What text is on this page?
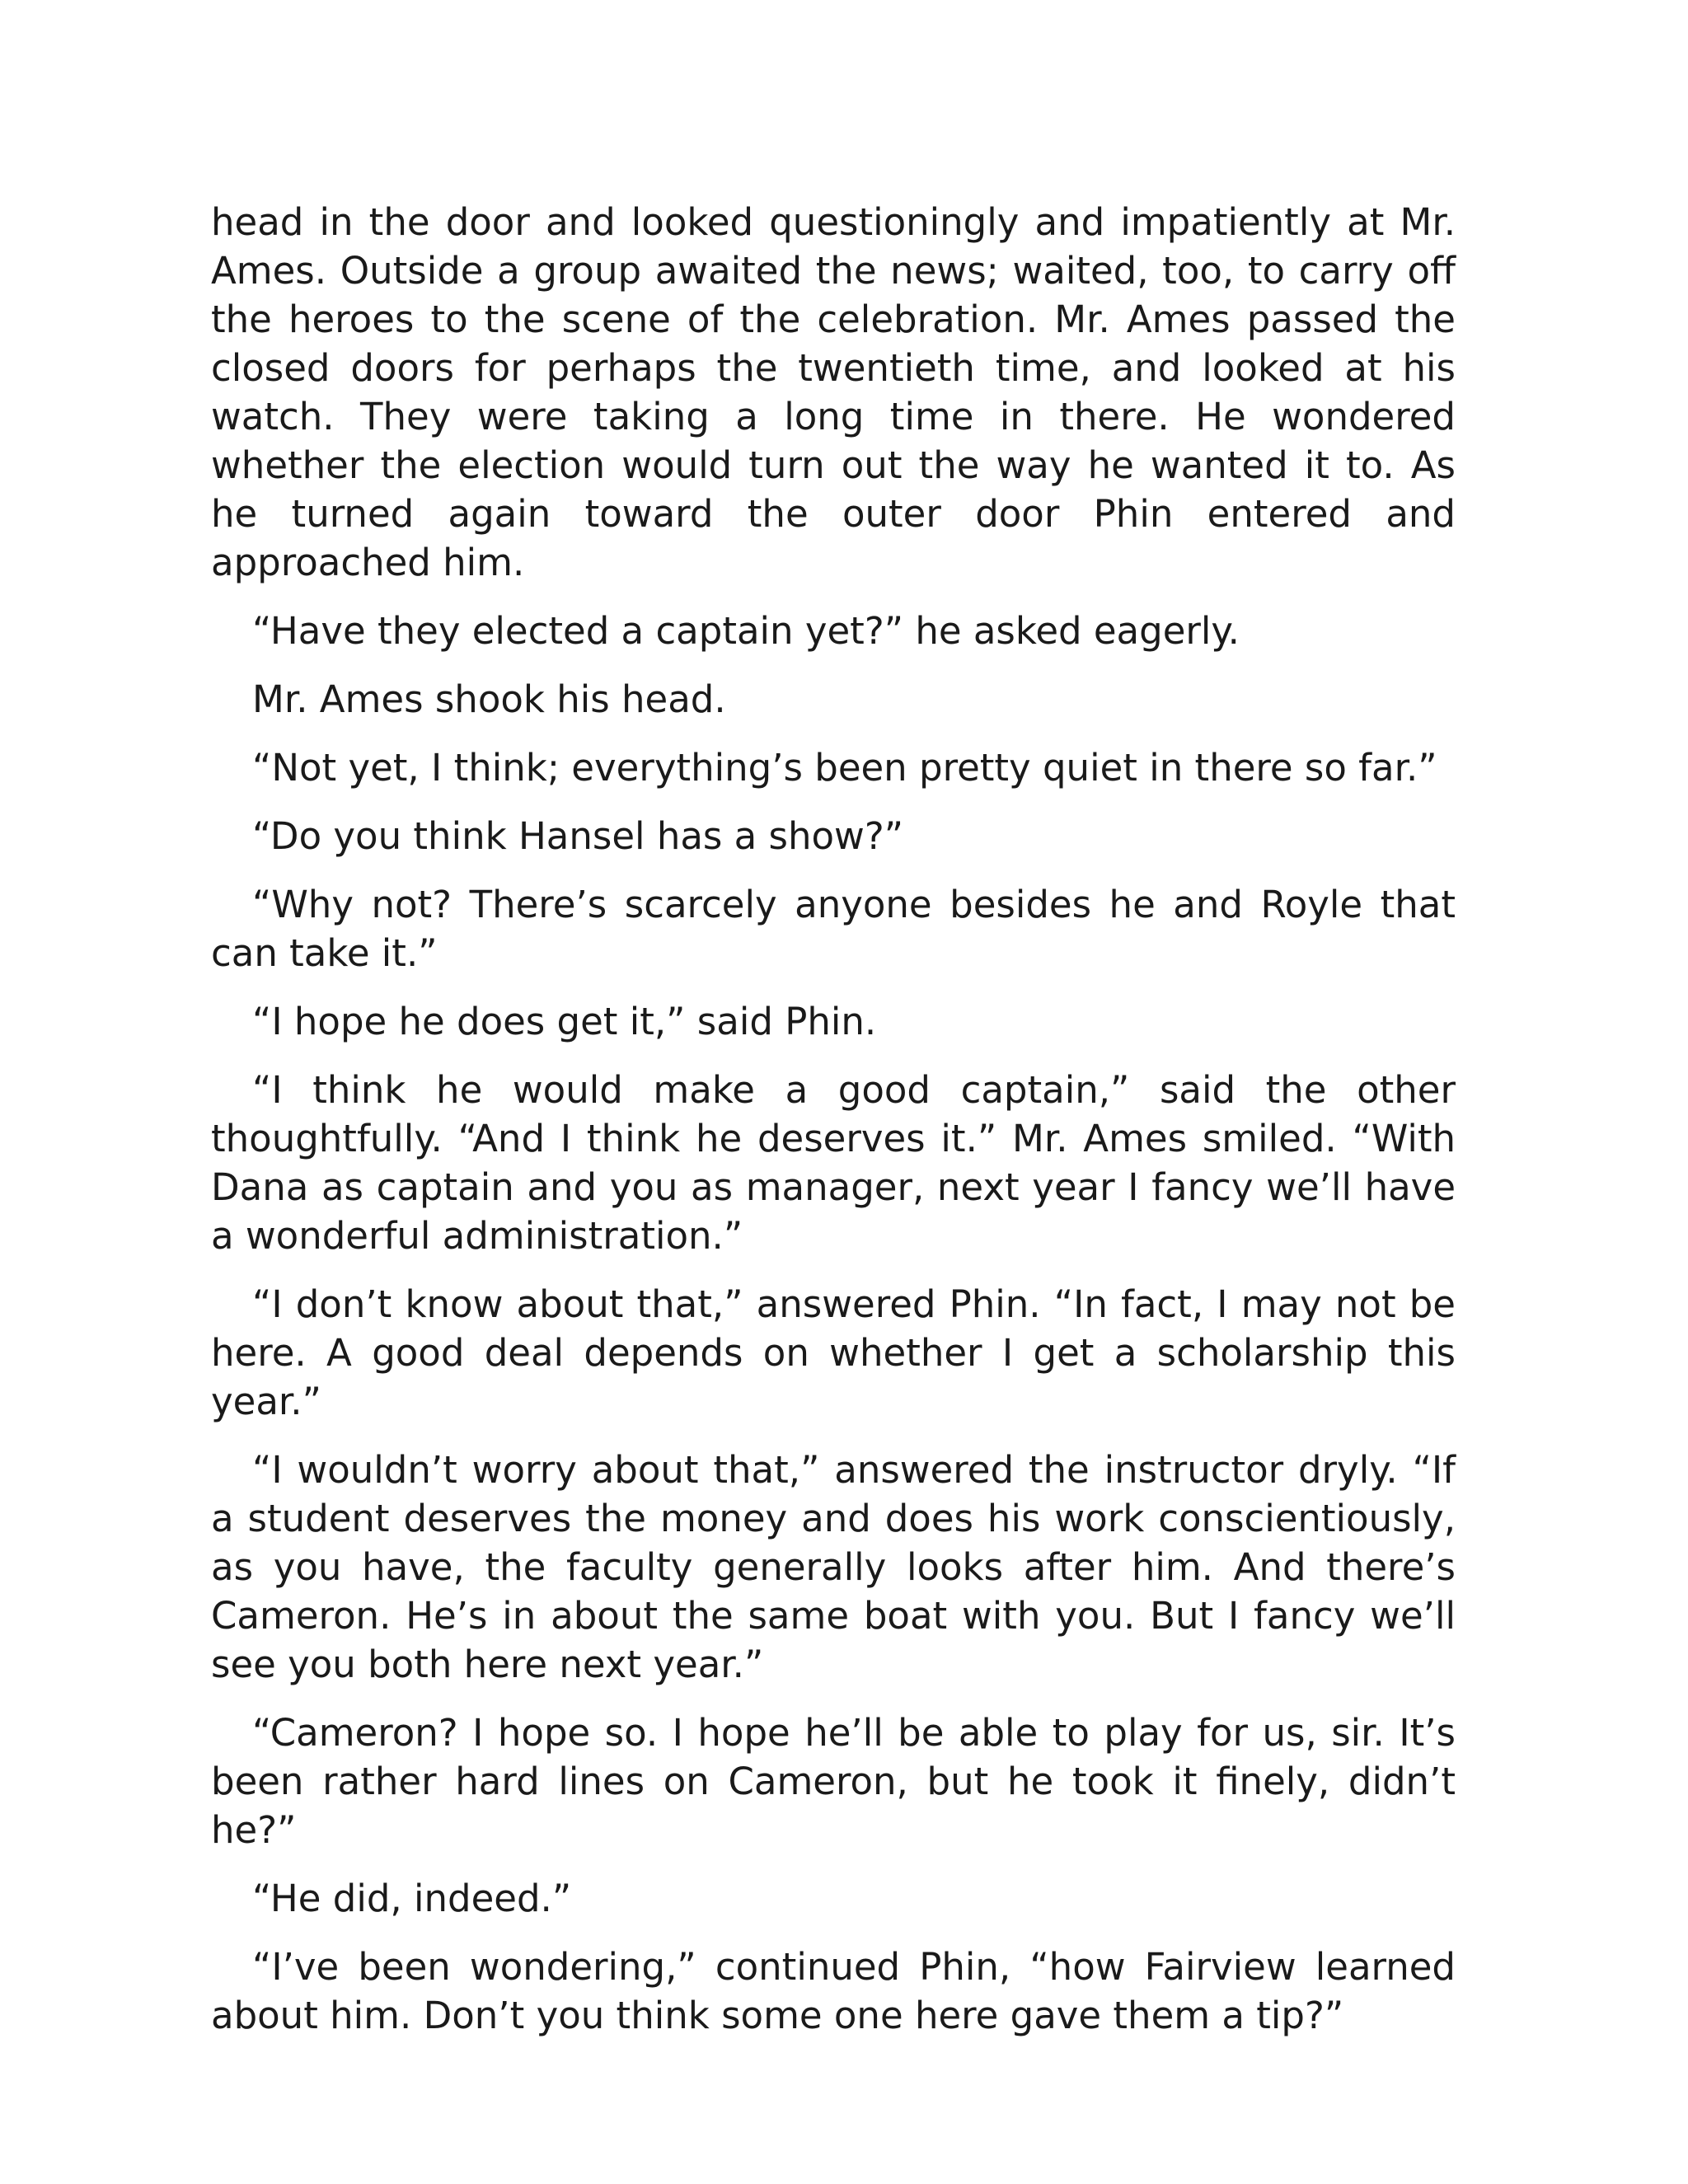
head in the door and looked questioningly and impatiently at Mr. Ames. Outside a group awaited the news; waited, too, to carry off the heroes to the scene of the celebration. Mr. Ames passed the closed doors for perhaps the twentieth time, and looked at his watch. They were taking a long time in there. He wondered whether the election would turn out the way he wanted it to. As he turned again toward the outer door Phin entered and approached him.

“Have they elected a captain yet?” he asked eagerly.

Mr. Ames shook his head.

“Not yet, I think; everything’s been pretty quiet in there so far.”

“Do you think Hansel has a show?”

“Why not? There’s scarcely anyone besides he and Royle that can take it.”

“I hope he does get it,” said Phin.

“I think he would make a good captain,” said the other thoughtfully. “And I think he deserves it.” Mr. Ames smiled. “With Dana as captain and you as manager, next year I fancy we’ll have a wonderful administration.”

“I don’t know about that,” answered Phin. “In fact, I may not be here. A good deal depends on whether I get a scholarship this year.”

“I wouldn’t worry about that,” answered the instructor dryly. “If a student deserves the money and does his work conscientiously, as you have, the faculty generally looks after him. And there’s Cameron. He’s in about the same boat with you. But I fancy we’ll see you both here next year.”

“Cameron? I hope so. I hope he’ll be able to play for us, sir. It’s been rather hard lines on Cameron, but he took it finely, didn’t he?”

“He did, indeed.”

“I’ve been wondering,” continued Phin, “how Fairview learned about him. Don’t you think some one here gave them a tip?”
